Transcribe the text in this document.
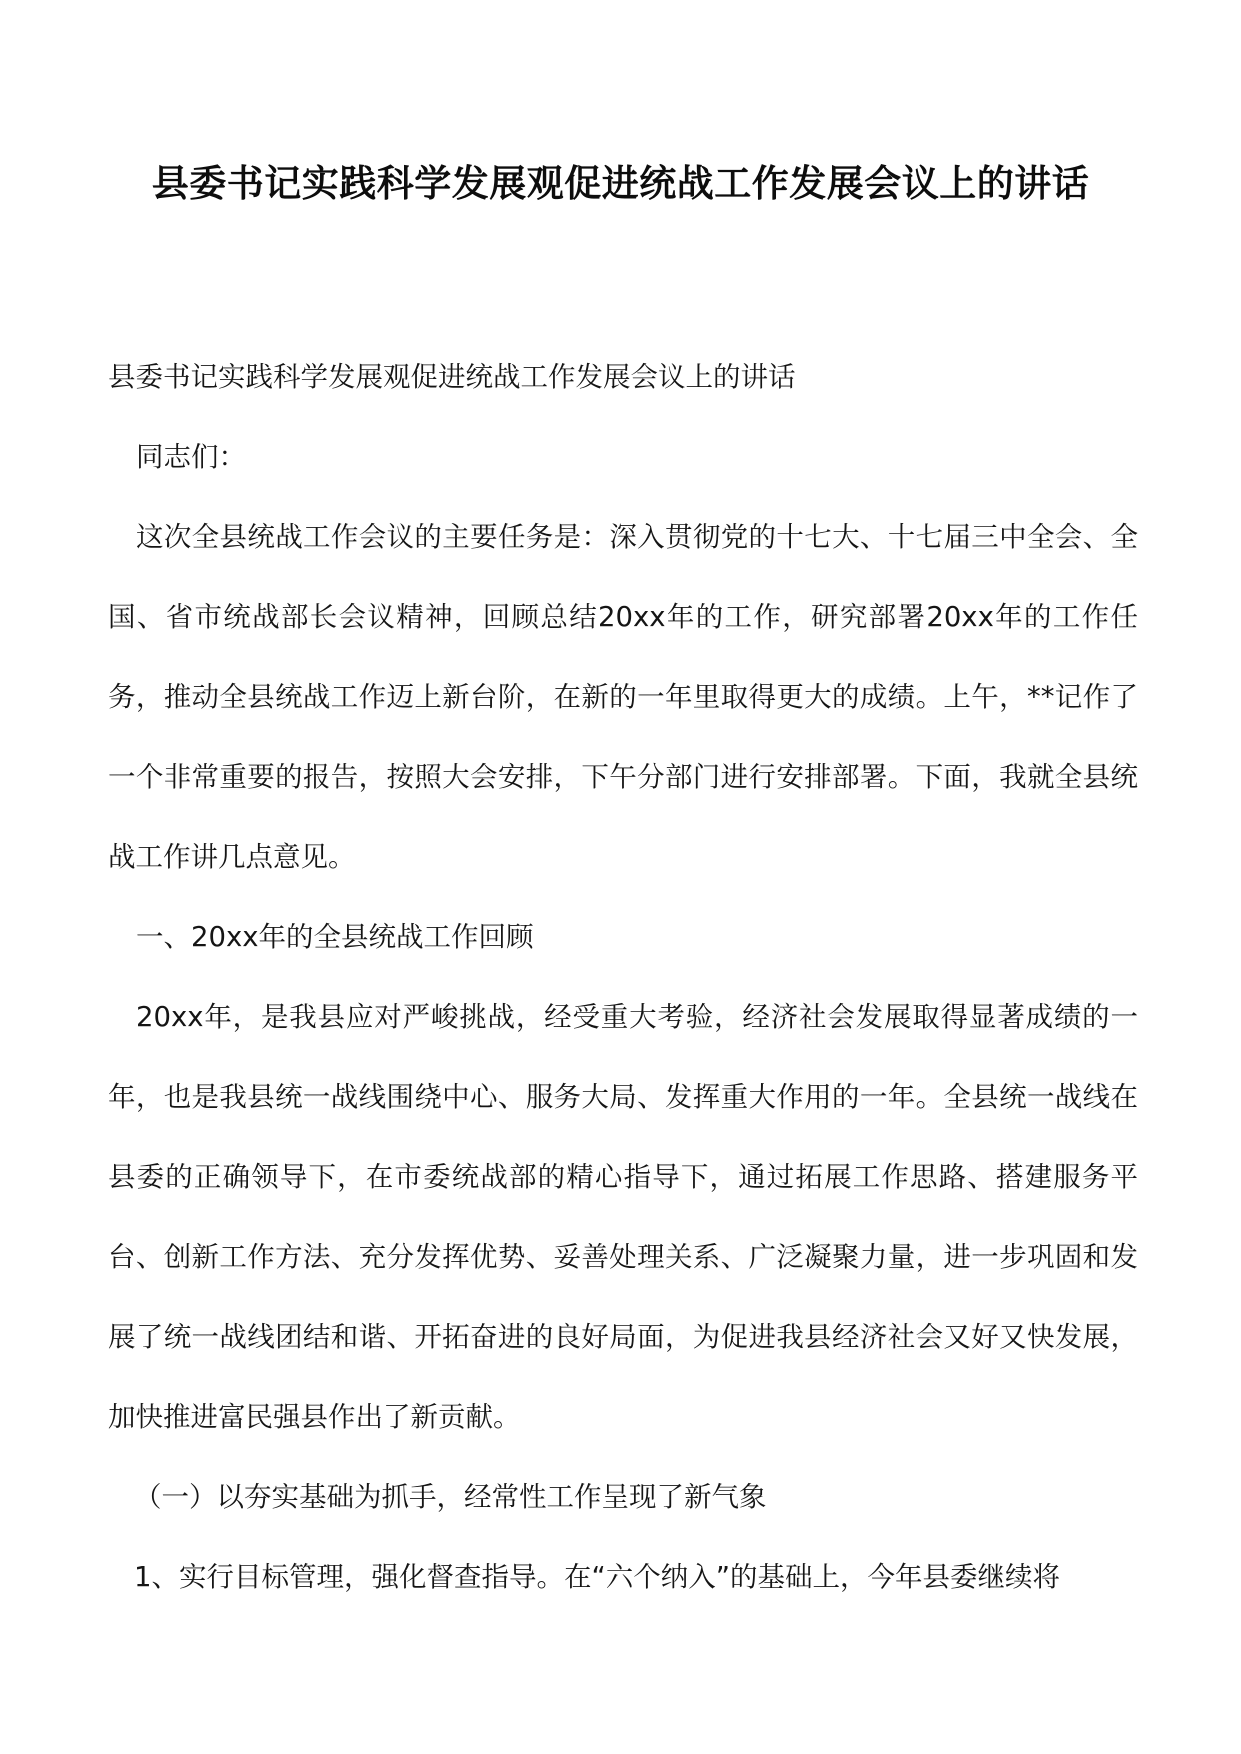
县委书记实践科学发展观促进统战工作发展会议上的讲话

县委书记实践科学发展观促进统战工作发展会议上的讲话

同志们：

这次全县统战工作会议的主要任务是：深入贯彻党的十七大、十七届三中全会、全国、省市统战部长会议精神，回顾总结20xx年的工作，研究部署20xx年的工作任务，推动全县统战工作迈上新台阶，在新的一年里取得更大的成绩。上午，**记作了一个非常重要的报告，按照大会安排，下午分部门进行安排部署。下面，我就全县统战工作讲几点意见。

一、20xx年的全县统战工作回顾

20xx年，是我县应对严峻挑战，经受重大考验，经济社会发展取得显著成绩的一年，也是我县统一战线围绕中心、服务大局、发挥重大作用的一年。全县统一战线在县委的正确领导下，在市委统战部的精心指导下，通过拓展工作思路、搭建服务平台、创新工作方法、充分发挥优势、妥善处理关系、广泛凝聚力量，进一步巩固和发展了统一战线团结和谐、开拓奋进的良好局面，为促进我县经济社会又好又快发展，加快推进富民强县作出了新贡献。

（一）以夯实基础为抓手，经常性工作呈现了新气象

1、实行目标管理，强化督查指导。在“六个纳入”的基础上，今年县委继续将
